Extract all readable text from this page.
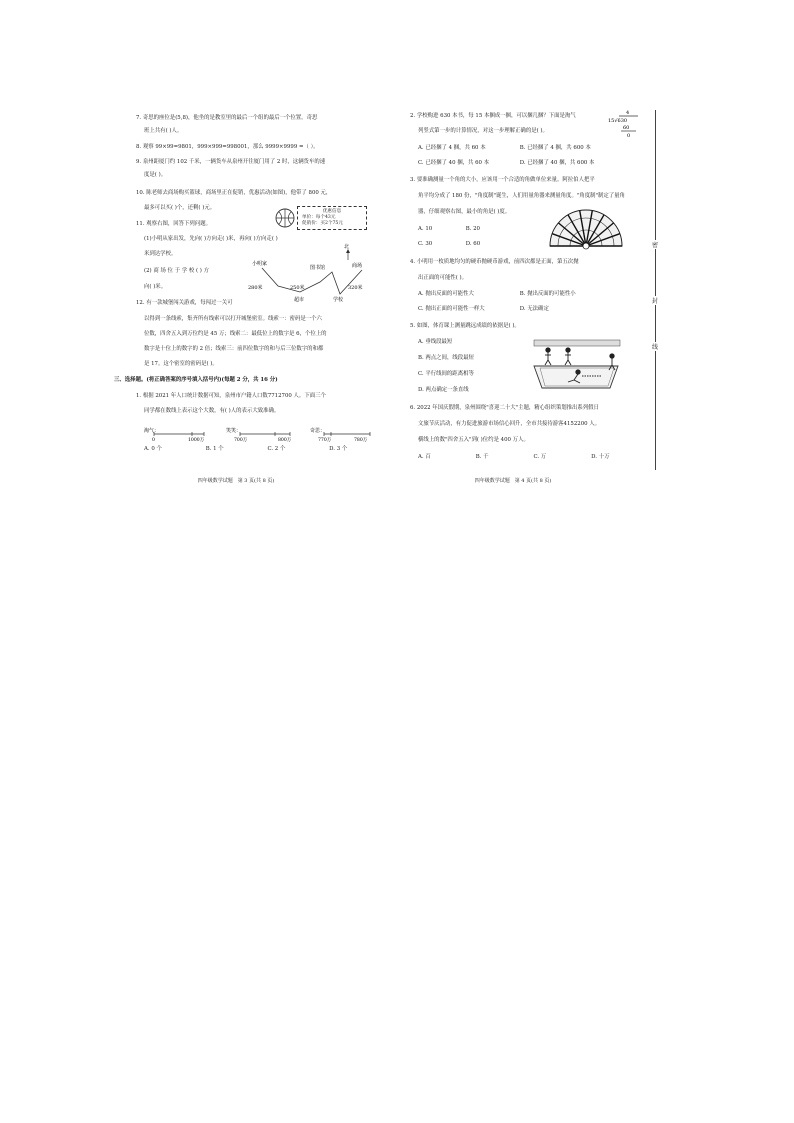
7. 奇思的座位是(5,8)，他坐的是教室里的最后一个组的最后一个位置。奇思
班上共有( )人。
8. 观察 99×99=9801，999×999=998001，那么 9999×9999 =（ ）。
9. 泉州距厦门约 102 千米，一辆货车从泉州开往厦门用了 2 时，这辆货车的速
度是( )。
10. 陈老师去商场购买篮球，商场里正在促销，优惠活动(如图)，他带了 800 元，
最多可以买( )个，还剩( )元。
优惠信息
单价：每个43元
促销价：买2个75元
11. 观察右图，回答下列问题。
(1)小明从家出发，先向( )方向走( )米，再向( )方向走( )
米到达学校。
(2) 商 场 位 于 学 校 ( ) 方
向( )米。
北
小明家
图书馆	商场
超市	学校
280米	250米	320米
12. 有一款城堡闯关游戏，每闯过一关可
以得到一条线索，集齐所有线索可以打开城堡密室。线索一：密码是一个六
位数，四舍五入到万位约是 45 万；线索二：最低位上的数字是 6，个位上的
数字是十位上的数字的 2 倍；线索三：前四位数字的和与后三位数字的和都
是 17。这个密室的密码是( )。
三、选择题。(将正确答案的序号填入括号内)(每题 2 分，共 16 分)
1. 根据 2021 年人口统计数据可知，泉州市户籍人口数7712700 人。下面三个
同学都在数线上表示这个大数，有( )人的表示大致准确。
淘气：
0	1000万
笑笑：
700万	800万
奇思：
770万	780万
A. 0 个	B. 1 个	C. 2 个	D. 3 个
四年级数学试题　第 3 页(共 8 页)
2. 学校购进 630 本书，每 15 本捆成一捆，可以捆几捆？下面是淘气
列竖式第一步的计算情况，对这一步理解正确的是( )。
4
15√630
60
0
A. 已经捆了 4 捆，共 60 本	B. 已经捆了 4 捆，共 600 本
C. 已经捆了 40 捆，共 60 本	D. 已经捆了 40 捆，共 600 本
3. 要准确测量一个角的大小，应该用一个合适的角做单位来量。阿拉伯人把平
角平均分成了 180 份，"角度制"诞生，人们用量角器来测量角度。"角度制"制定了量角
器，仔细观察右图，最小的角是( )度。
A. 10	B. 20
C. 30	D. 60
4. 小明用一枚质地均匀的硬币抛硬币游戏，前四次都是正面，第五次抛
出正面的可能性( )。
A. 抛出反面的可能性大	B. 抛出反面的可能性小
C. 抛出正面的可能性一样大	D. 无法确定
5. 如图，体育课上测量跳远成绩的依据是( )。
A. 垂线段最短
B. 两点之间，线段最短
C. 平行线间的距离相等
D. 两点确定一条直线
6. 2022 年国庆假期，泉州围绕"喜迎二十大"主题，精心组织策划推出系列假日
文旅节庆活动，有力促进旅游市场信心回升，全市共接待游客4152200 人。
横线上的数"四舍五入"到( )位约是 400 万人。
A. 百	B. 千	C. 万	D. 十万
四年级数学试题　第 4 页(共 8 页)
密
封
线
